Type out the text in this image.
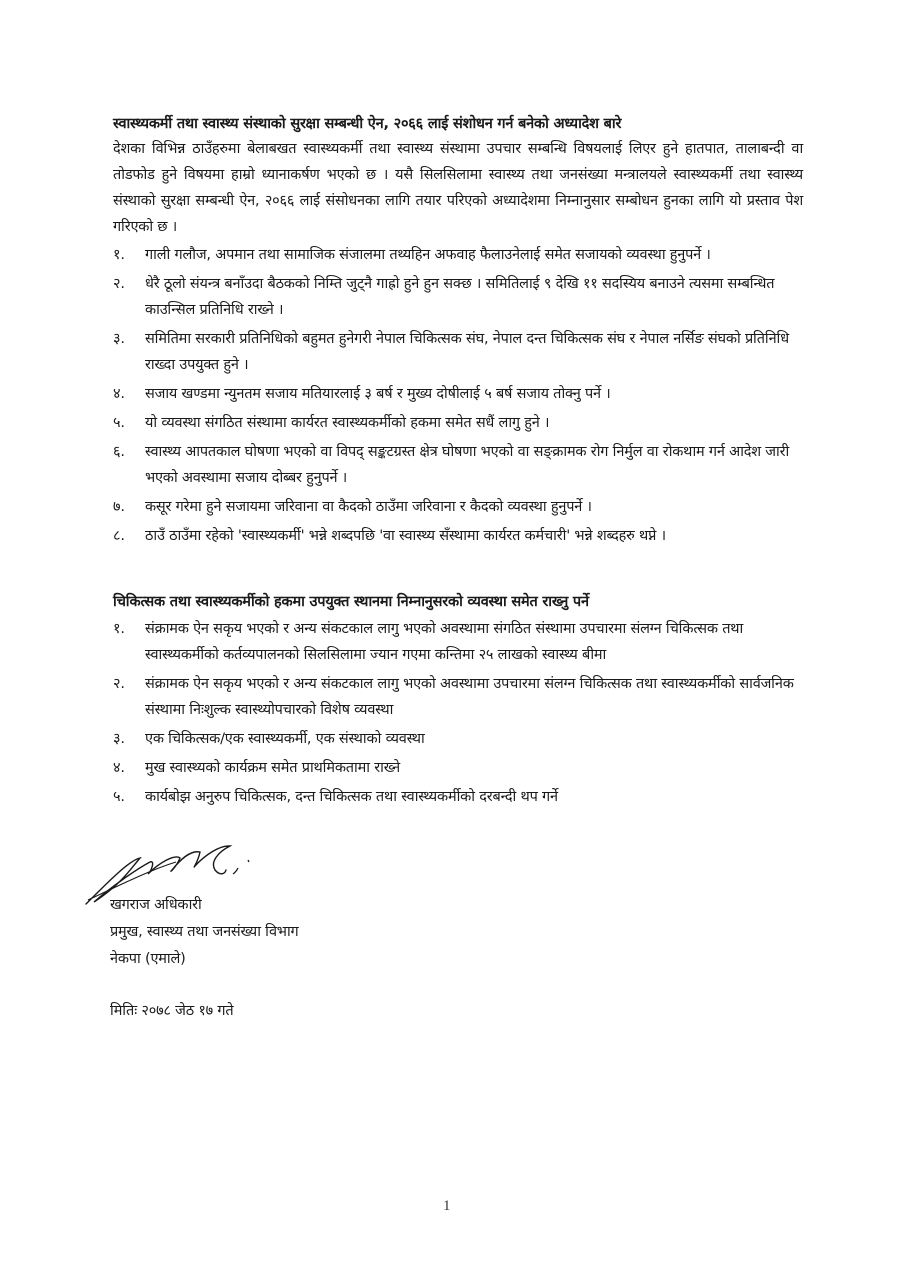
स्वास्थ्यकर्मी तथा स्वास्थ्य संस्थाको सुरक्षा सम्बन्धी ऐन, २०६६ लाई संशोधन गर्न बनेको अध्यादेश बारे

देशका विभिन्न ठाउँहरुमा बेलाबखत स्वास्थ्यकर्मी तथा स्वास्थ्य संस्थामा उपचार सम्बन्धि विषयलाई लिएर हुने हातपात, तालाबन्दी वा तोडफोड हुने विषयमा हाम्रो ध्यानाकर्षण भएको छ । यसै सिलसिलामा स्वास्थ्य तथा जनसंख्या मन्त्रालयले स्वास्थ्यकर्मी तथा स्वास्थ्य संस्थाको सुरक्षा सम्बन्धी ऐन, २०६६ लाई संसोधनका लागि तयार परिएको अध्यादेशमा निम्नानुसार सम्बोधन हुनका लागि यो प्रस्ताव पेश गरिएको छ ।

१. गाली गलौज, अपमान तथा सामाजिक संजालमा तथ्यहिन अफवाह फैलाउनेलाई समेत सजायको व्यवस्था हुनुपर्ने ।
२. धेरै ठूलो संयन्त्र बनाँउदा बैठकको निम्ति जुट्नै गाह्रो हुने हुन सक्छ । समितिलाई ९ देखि ११ सदस्यिय बनाउने त्यसमा सम्बन्धित काउन्सिल प्रतिनिधि राख्ने ।
३. समितिमा सरकारी प्रतिनिधिको बहुमत हुनेगरी नेपाल चिकित्सक संघ, नेपाल दन्त चिकित्सक संघ र नेपाल नर्सिङ संघको प्रतिनिधि राख्दा उपयुक्त हुने ।
४. सजाय खण्डमा न्युनतम सजाय मतियारलाई ३ बर्ष र मुख्य दोषीलाई ५ बर्ष सजाय तोक्नु पर्ने ।
५. यो व्यवस्था संगठित संस्थामा कार्यरत स्वास्थ्यकर्मीको हकमा समेत सधैं लागु हुने ।
६. स्वास्थ्य आपतकाल घोषणा भएको वा विपद् सङ्कटग्रस्त क्षेत्र घोषणा भएको वा सङ्क्रामक रोग निर्मुल वा रोकथाम गर्न आदेश जारी भएको अवस्थामा सजाय दोब्बर हुनुपर्ने ।
७. कसूर गरेमा हुने सजायमा जरिवाना वा कैदको ठाउँमा जरिवाना र कैदको व्यवस्था हुनुपर्ने ।
८. ठाउँ ठाउँमा रहेको 'स्वास्थ्यकर्मी' भन्ने शब्दपछि 'वा स्वास्थ्य सँस्थामा कार्यरत कर्मचारी' भन्ने शब्दहरु थप्ने ।

चिकित्सक तथा स्वास्थ्यकर्मीको हकमा उपयुक्त स्थानमा निम्नानुसरको व्यवस्था समेत राख्नु पर्ने

१. संक्रामक ऐन सकृय भएको र अन्य संकटकाल लागु भएको अवस्थामा संगठित संस्थामा उपचारमा संलग्न चिकित्सक तथा स्वास्थ्यकर्मीको कर्तव्यपालनको सिलसिलामा ज्यान गएमा कन्तिमा २५ लाखको स्वास्थ्य बीमा
२. संक्रामक ऐन सकृय भएको र अन्य संकटकाल लागु भएको अवस्थामा उपचारमा संलग्न चिकित्सक तथा स्वास्थ्यकर्मीको सार्वजनिक संस्थामा निःशुल्क स्वास्थ्योपचारको विशेष व्यवस्था
३. एक चिकित्सक/एक स्वास्थ्यकर्मी, एक संस्थाको व्यवस्था
४. मुख स्वास्थ्यको कार्यक्रम समेत प्राथमिकतामा राख्ने
५. कार्यबोझ अनुरुप चिकित्सक, दन्त चिकित्सक तथा स्वास्थ्यकर्मीको दरबन्दी थप गर्ने
खगराज अधिकारी
प्रमुख, स्वास्थ्य तथा जनसंख्या विभाग
नेकपा (एमाले)
मितिः २०७८ जेठ १७ गते
1
